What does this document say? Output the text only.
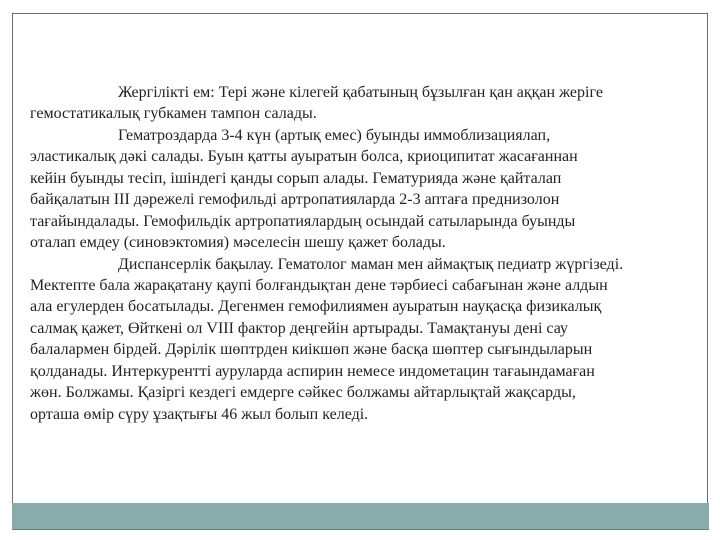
Жергілікті ем: Тері жəне кілегей қабатының бұзылған қан аққан жеріге
гемостатикалық губкамен тампон салады.
Гематроздарда 3-4 күн (артық емес) буынды иммоблизациялап,
эластикалық дəкі салады. Буын қатты ауыратын болса, криоципитат жасағаннан
кейін буынды тесіп, ішіндегі қанды сорып алады. Гематурияда жəне қайталап
байқалатын ІІІ дəрежелі гемофильді артропатияларда 2-3 аптаға преднизолон
тағайындалады. Гемофильдік артропатиялардың осындай сатыларында буынды
оталап емдеу (синовэктомия) мəселесін шешу қажет болады.
Диспансерлік бақылау. Гематолог маман мен аймақтық педиатр жүргізеді.
Мектепте бала жарақатану қаупі болғандықтан дене тəрбиесі сабағынан жəне алдын
ала егулерден босатылады. Дегенмен гемофилиямен ауыратын науқасқа физикалық
салмақ қажет, Өйткені ол VIII фактор деңгейін артырады. Тамақтануы дені сау
балалармен бірдей. Дəрілік шөптрден киікшөп жəне басқа шөптер сығындыларын
қолданады. Интеркурентті ауруларда аспирин немесе индометацин тағаындамаған
жөн. Болжамы. Қазіргі кездегі емдерге сəйкес болжамы айтарлықтай жақсарды,
орташа өмір сүру ұзақтығы 46 жыл болып келеді.
